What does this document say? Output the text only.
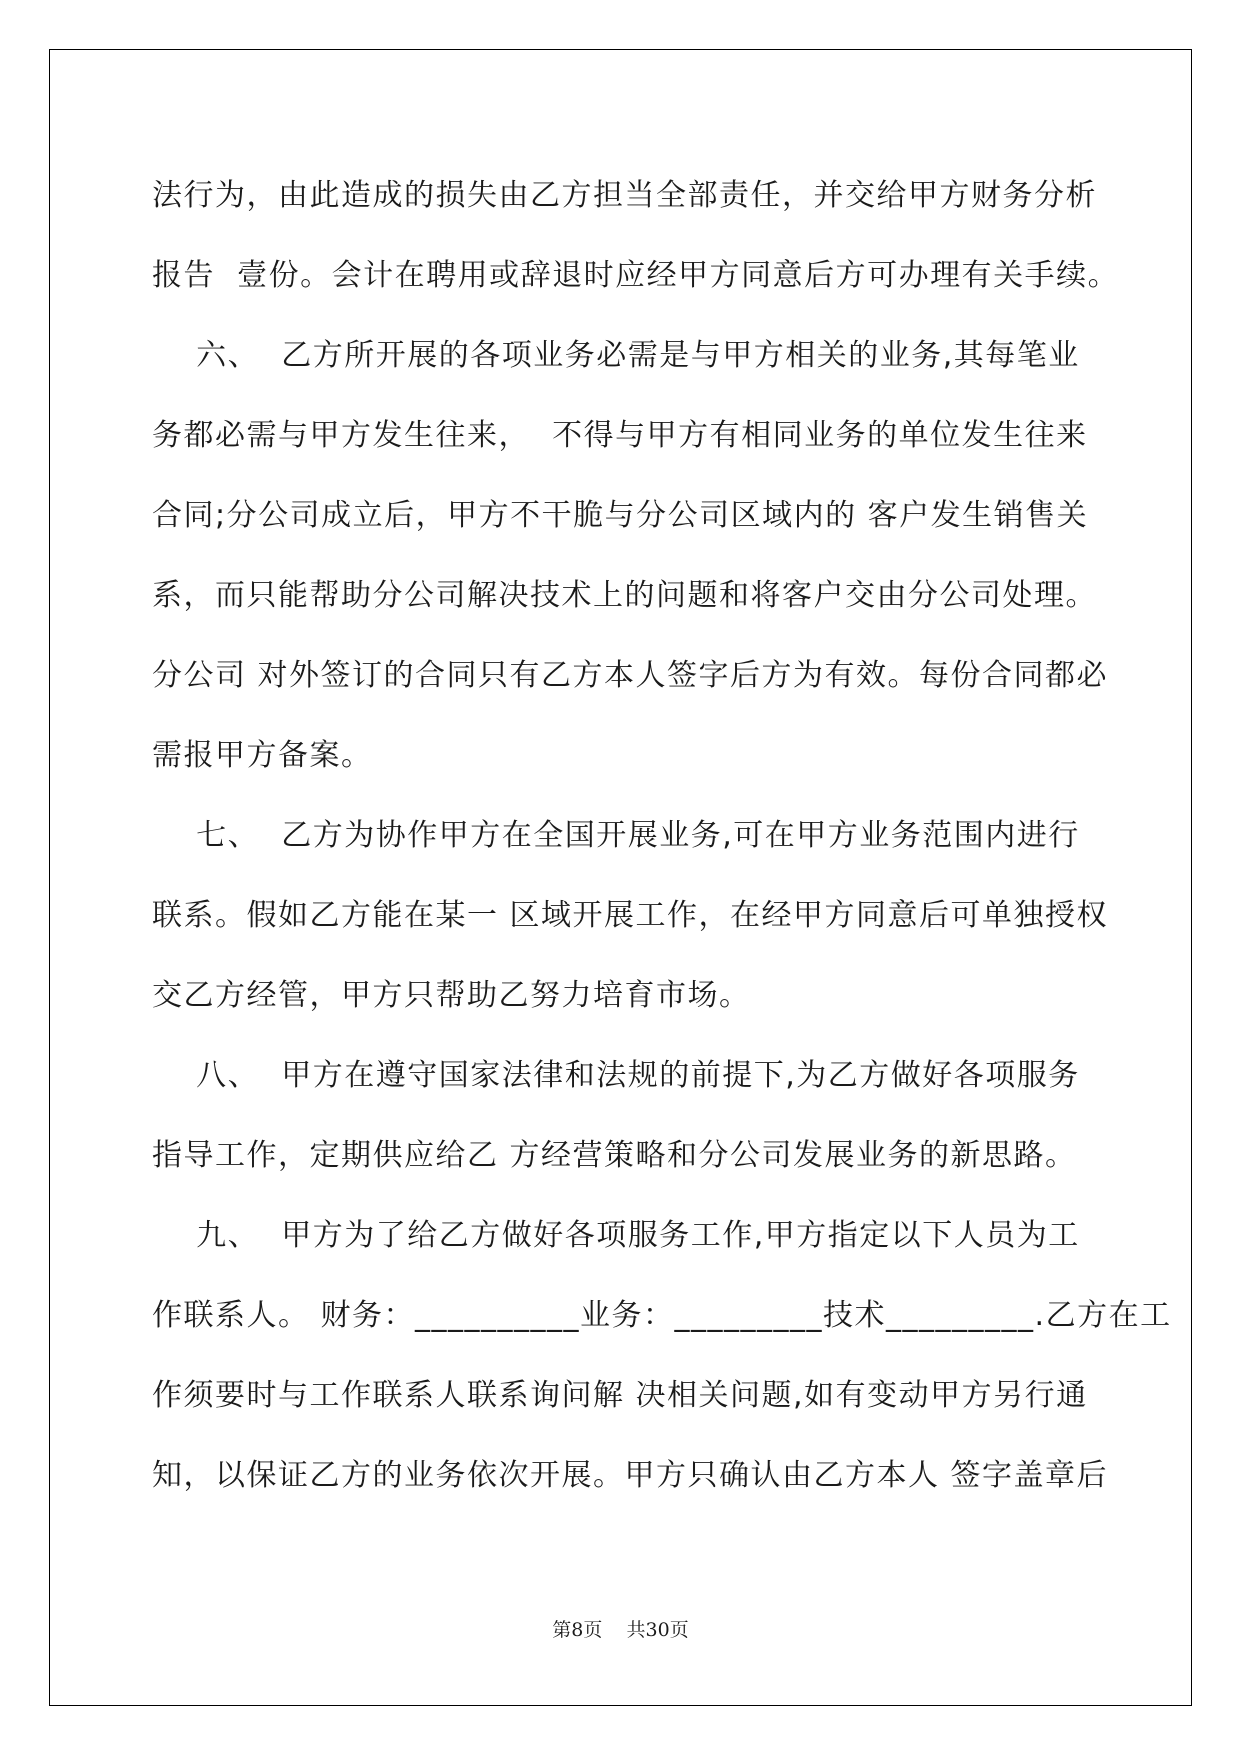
法行为，由此造成的损失由乙方担当全部责任，并交给甲方财务分析
报告  壹份。会计在聘用或辞退时应经甲方同意后方可办理有关手续。
六、  乙方所开展的各项业务必需是与甲方相关的业务,其每笔业
务都必需与甲方发生往来，  不得与甲方有相同业务的单位发生往来
合同;分公司成立后，甲方不干脆与分公司区域内的 客户发生销售关
系，而只能帮助分公司解决技术上的问题和将客户交由分公司处理。
分公司 对外签订的合同只有乙方本人签字后方为有效。每份合同都必
需报甲方备案。
七、  乙方为协作甲方在全国开展业务,可在甲方业务范围内进行
联系。假如乙方能在某一 区域开展工作，在经甲方同意后可单独授权
交乙方经管，甲方只帮助乙努力培育市场。
八、  甲方在遵守国家法律和法规的前提下,为乙方做好各项服务
指导工作，定期供应给乙 方经营策略和分公司发展业务的新思路。
九、  甲方为了给乙方做好各项服务工作,甲方指定以下人员为工
作联系人。 财务：__________业务：_________技术_________.乙方在工
作须要时与工作联系人联系询问解 决相关问题,如有变动甲方另行通
知，以保证乙方的业务依次开展。甲方只确认由乙方本人 签字盖章后
第8页    共30页
